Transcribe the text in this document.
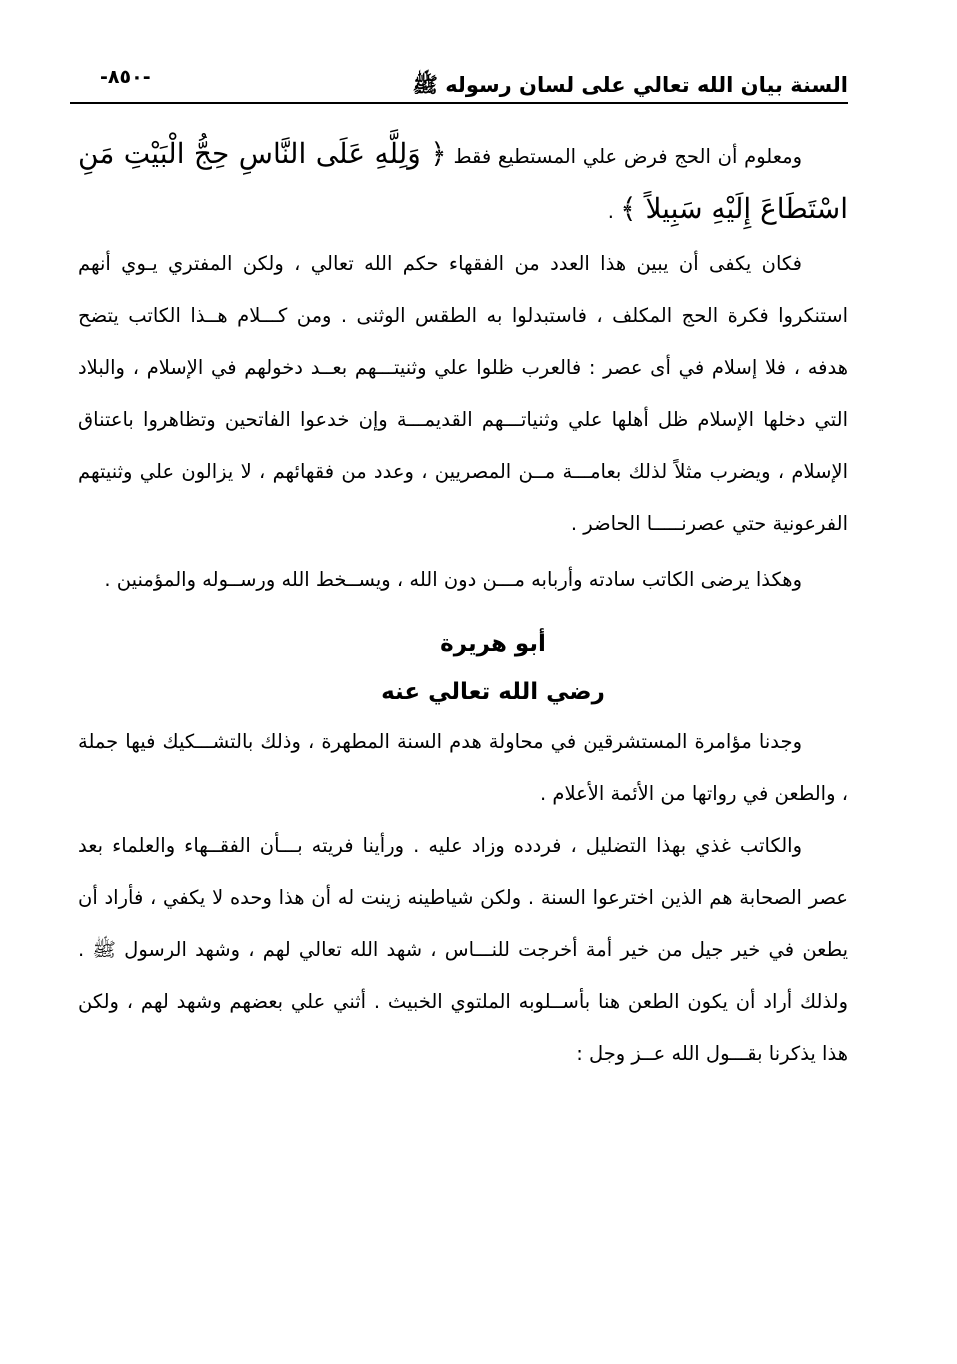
السنة بيان الله تعالي على لسان رسوله ﷺ
-٨٥٠-

ومعلوم أن الحج فرض علي المستطيع فقط ﴿ وَلِلَّهِ عَلَى النَّاسِ حِجُّ الْبَيْتِ مَنِ اسْتَطَاعَ إِلَيْهِ سَبِيلاً ﴾ .

فكان يكفى أن يبين هذا العدد من الفقهاء حكم الله تعالي ، ولكن المفتري يـوي أنهم استنكروا فكرة الحج المكلف ، فاستبدلوا به الطقس الوثنى . ومن كـــلام هــذا الكاتب يتضح هدفه ، فلا إسلام في أى عصر : فالعرب ظلوا علي وثنيتـــهم بعــد دخولهم في الإسلام ، والبلاد التي دخلها الإسلام ظل أهلها علي وثنياتـــهم القديمـــة وإن خدعوا الفاتحين وتظاهروا باعتناق الإسلام ، ويضرب مثلاً لذلك بعامـــة مــن المصريين ، وعدد من فقهائهم ، لا يزالون علي وثنيتهم الفرعونية حتي عصرنـــــا الحاضر .

وهكذا يرضى الكاتب سادته وأربابه مـــن دون الله ، ويســخط الله ورســوله والمؤمنين .

أبو هريرة
رضي الله تعالي عنه

وجدنا مؤامرة المستشرقين في محاولة هدم السنة المطهرة ، وذلك بالتشـــكيك فيها جملة ، والطعن في رواتها من الأئمة الأعلام .

والكاتب غذي بهذا التضليل ، فردده وزاد عليه . ورأينا فريته بـــأن الفقــهاء والعلماء بعد عصر الصحابة هم الذين اخترعوا السنة . ولكن شياطينه زينت له أن هذا وحده لا يكفي ، فأراد أن يطعن في خير جيل من خير أمة أخرجت للنـــاس ، شهد الله تعالي لهم ، وشهد الرسول ﷺ . ولذلك أراد أن يكون الطعن هنا بأســلوبه الملتوي الخبيث . أثني علي بعضهم وشهد لهم ، ولكن هذا يذكرنا بقـــول الله عــز وجل :
